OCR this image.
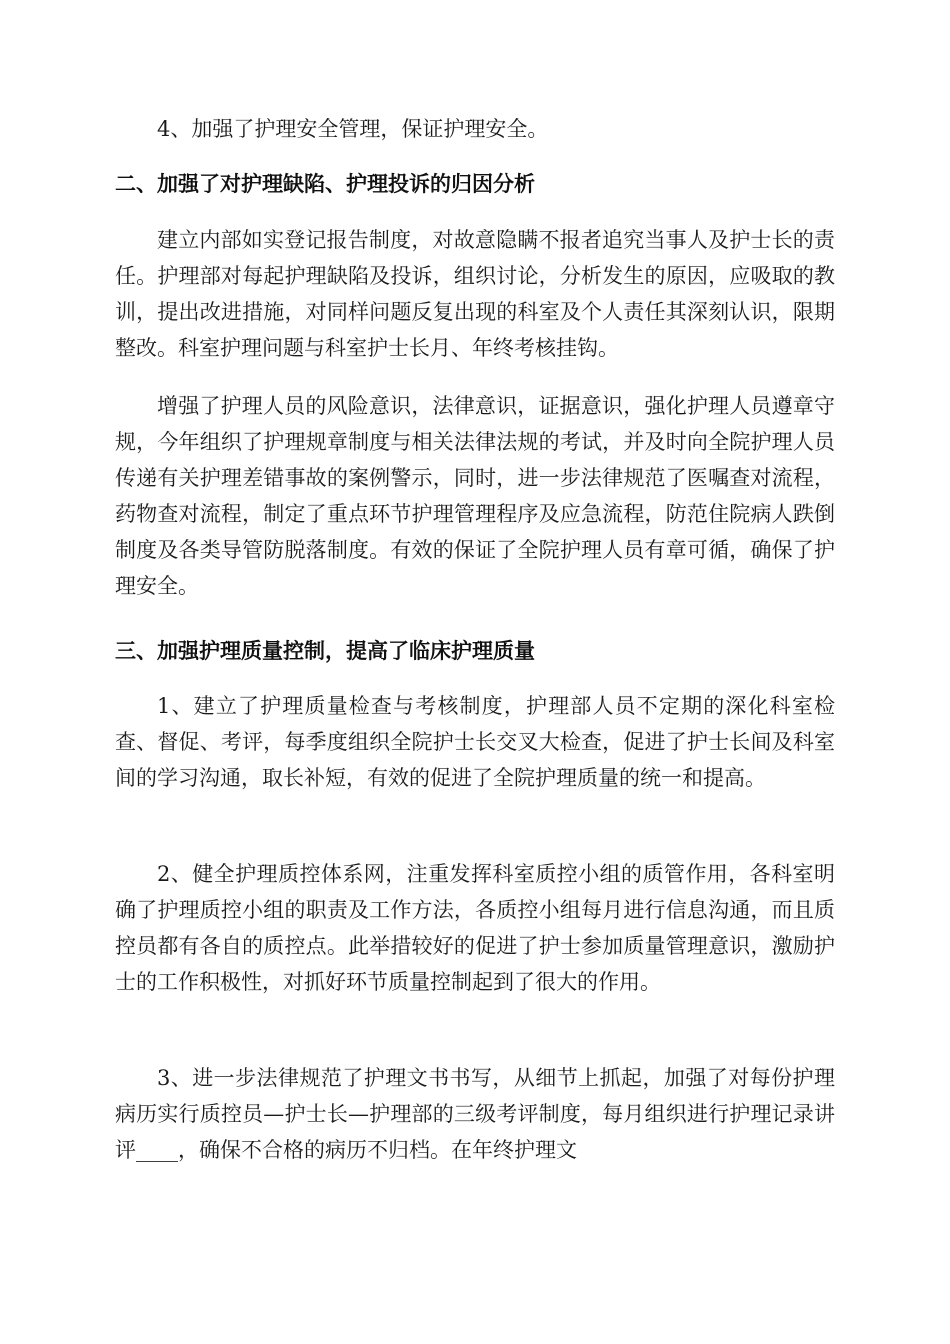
4、加强了护理安全管理，保证护理安全。

二、加强了对护理缺陷、护理投诉的归因分析

建立内部如实登记报告制度，对故意隐瞒不报者追究当事人及护士长的责任。护理部对每起护理缺陷及投诉，组织讨论，分析发生的原因，应吸取的教训，提出改进措施，对同样问题反复出现的科室及个人责任其深刻认识，限期整改。科室护理问题与科室护士长月、年终考核挂钩。

增强了护理人员的风险意识，法律意识，证据意识，强化护理人员遵章守规，今年组织了护理规章制度与相关法律法规的考试，并及时向全院护理人员传递有关护理差错事故的案例警示，同时，进一步法律规范了医嘱查对流程，药物查对流程，制定了重点环节护理管理程序及应急流程，防范住院病人跌倒制度及各类导管防脱落制度。有效的保证了全院护理人员有章可循，确保了护理安全。

三、加强护理质量控制，提高了临床护理质量

1、建立了护理质量检查与考核制度，护理部人员不定期的深化科室检查、督促、考评，每季度组织全院护士长交叉大检查，促进了护士长间及科室间的学习沟通，取长补短，有效的促进了全院护理质量的统一和提高。

2、健全护理质控体系网，注重发挥科室质控小组的质管作用，各科室明确了护理质控小组的职责及工作方法，各质控小组每月进行信息沟通，而且质控员都有各自的质控点。此举措较好的促进了护士参加质量管理意识，激励护士的工作积极性，对抓好环节质量控制起到了很大的作用。

3、进一步法律规范了护理文书书写，从细节上抓起，加强了对每份护理病历实行质控员—护士长—护理部的三级考评制度，每月组织进行护理记录讲评____，确保不合格的病历不归档。在年终护理文
